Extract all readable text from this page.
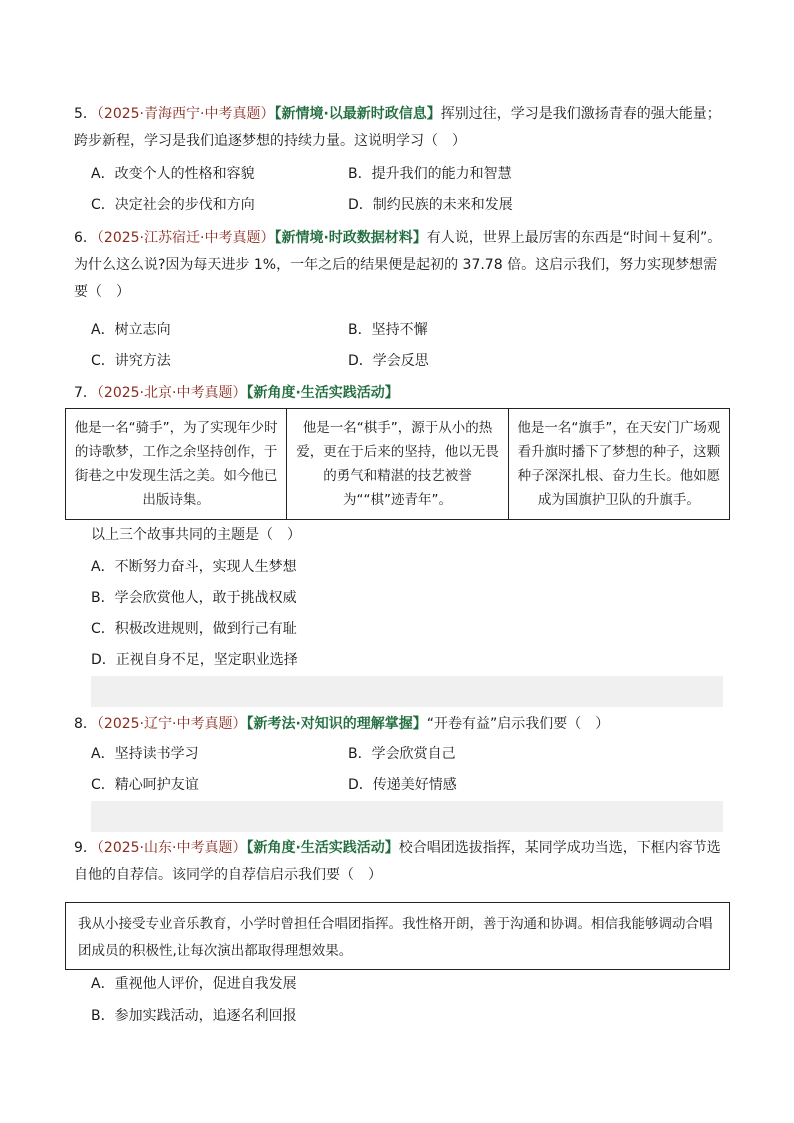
5．（2025·青海西宁·中考真题）【新情境·以最新时政信息】挥别过往，学习是我们激扬青春的强大能量；跨步新程，学习是我们追逐梦想的持续力量。这说明学习（　）
A．改变个人的性格和容貌	B．提升我们的能力和智慧
C．决定社会的步伐和方向	D．制约民族的未来和发展
6．（2025·江苏宿迁·中考真题）【新情境·时政数据材料】有人说，世界上最厉害的东西是“时间＋复利”。为什么这么说?因为每天进步 1%，一年之后的结果便是起初的 37.78 倍。这启示我们，努力实现梦想需要（　）
A．树立志向	B．坚持不懈
C．讲究方法	D．学会反思
7．（2025·北京·中考真题）【新角度·生活实践活动】
他是一名“骑手”，为了实现年少时的诗歌梦，工作之余坚持创作，于街巷之中发现生活之美。如今他已出版诗集。	他是一名“棋手”，源于从小的热爱，更在于后来的坚持，他以无畏的勇气和精湛的技艺被誉为““棋”迹青年”。	他是一名“旗手”，在天安门广场观看升旗时播下了梦想的种子，这颗种子深深扎根、奋力生长。他如愿成为国旗护卫队的升旗手。
以上三个故事共同的主题是（　）
A．不断努力奋斗，实现人生梦想
B．学会欣赏他人，敢于挑战权威
C．积极改进规则，做到行己有耻
D．正视自身不足，坚定职业选择
8．（2025·辽宁·中考真题）【新考法·对知识的理解掌握】“开卷有益”启示我们要（　）
A．坚持读书学习	B．学会欣赏自己
C．精心呵护友谊	D．传递美好情感
9．（2025·山东·中考真题）【新角度·生活实践活动】校合唱团选拔指挥，某同学成功当选，下框内容节选自他的自荐信。该同学的自荐信启示我们要（　）
我从小接受专业音乐教育，小学时曾担任合唱团指挥。我性格开朗，善于沟通和协调。相信我能够调动合唱团成员的积极性,让每次演出都取得理想效果。
A．重视他人评价，促进自我发展
B．参加实践活动，追逐名利回报
